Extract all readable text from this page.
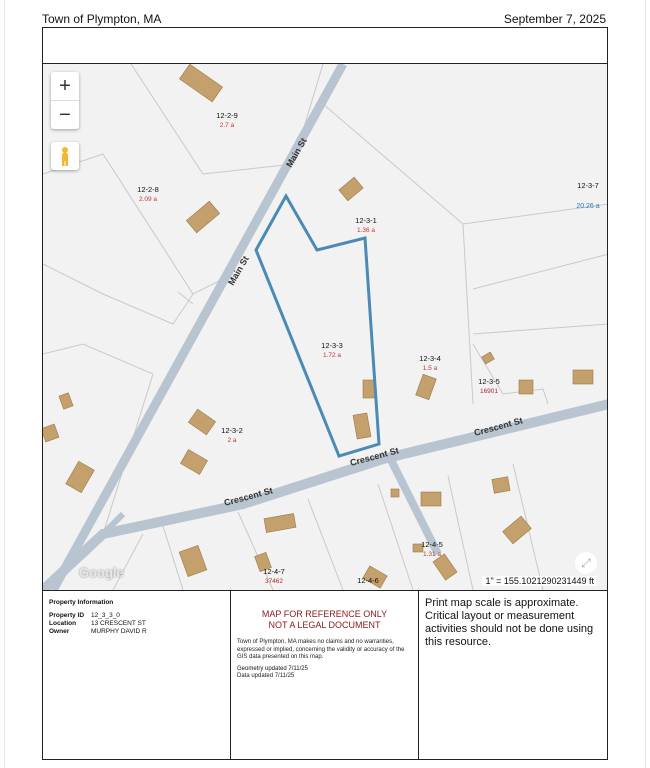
Town of Plympton, MA	September 7, 2025
Main St
Main St
Crescent St
Crescent St
Crescent St
12-2-9
2.7 a
12-2-8
2.09 a
12-3-1
1.36 a
12-3-7
20.26 a
12-3-3
1.72 a	12-3-4
1.5 a
12-3-5
16901
12-3-2
2 a
12-4-5
1.31 a
12-4-7
37462	12-4-6
+
−
Google
⤢
1" = 155.1021290231449 ft
Property Information
Property ID	12_3_3_0
Location	13 CRESCENT ST
Owner	MURPHY DAVID R
MAP FOR REFERENCE ONLY
NOT A LEGAL DOCUMENT
Town of Plympton, MA makes no claims and no warranties, expressed or implied, concerning the validity or accuracy of the GIS data presented on this map.
Geometry updated 7/11/25
Data updated 7/11/25
Print map scale is approximate. Critical layout or measurement activities should not be done using this resource.
